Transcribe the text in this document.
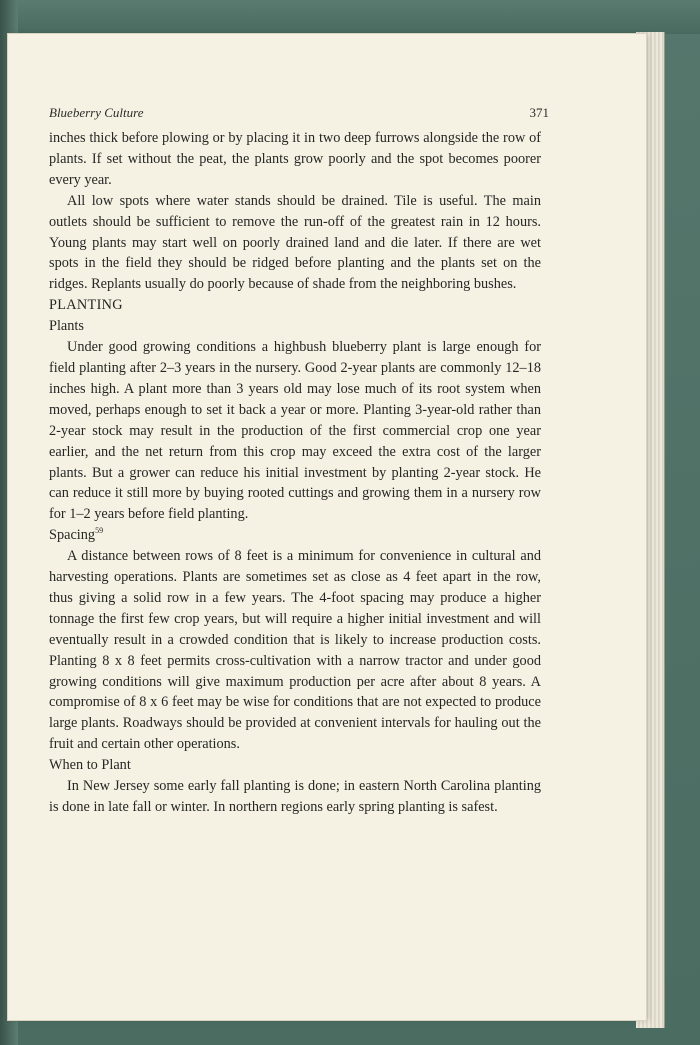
Blueberry Culture	371

inches thick before plowing or by placing it in two deep furrows alongside the row of plants. If set without the peat, the plants grow poorly and the spot becomes poorer every year.

All low spots where water stands should be drained. Tile is useful. The main outlets should be sufficient to remove the run-off of the greatest rain in 12 hours. Young plants may start well on poorly drained land and die later. If there are wet spots in the field they should be ridged before planting and the plants set on the ridges. Replants usually do poorly because of shade from the neighboring bushes.

PLANTING

Plants

Under good growing conditions a highbush blueberry plant is large enough for field planting after 2–3 years in the nursery. Good 2-year plants are commonly 12–18 inches high. A plant more than 3 years old may lose much of its root system when moved, perhaps enough to set it back a year or more. Planting 3-year-old rather than 2-year stock may result in the production of the first commercial crop one year earlier, and the net return from this crop may exceed the extra cost of the larger plants. But a grower can reduce his initial investment by planting 2-year stock. He can reduce it still more by buying rooted cuttings and growing them in a nursery row for 1–2 years before field planting.

Spacing$^{59}$

A distance between rows of 8 feet is a minimum for convenience in cultural and harvesting operations. Plants are sometimes set as close as 4 feet apart in the row, thus giving a solid row in a few years. The 4-foot spacing may produce a higher tonnage the first few crop years, but will require a higher initial investment and will eventually result in a crowded condition that is likely to increase production costs. Planting 8 x 8 feet permits cross-cultivation with a narrow tractor and under good growing conditions will give maximum production per acre after about 8 years. A compromise of 8 x 6 feet may be wise for conditions that are not expected to produce large plants. Roadways should be provided at convenient intervals for hauling out the fruit and certain other operations.

When to Plant

In New Jersey some early fall planting is done; in eastern North Carolina planting is done in late fall or winter. In northern regions early spring planting is safest.
